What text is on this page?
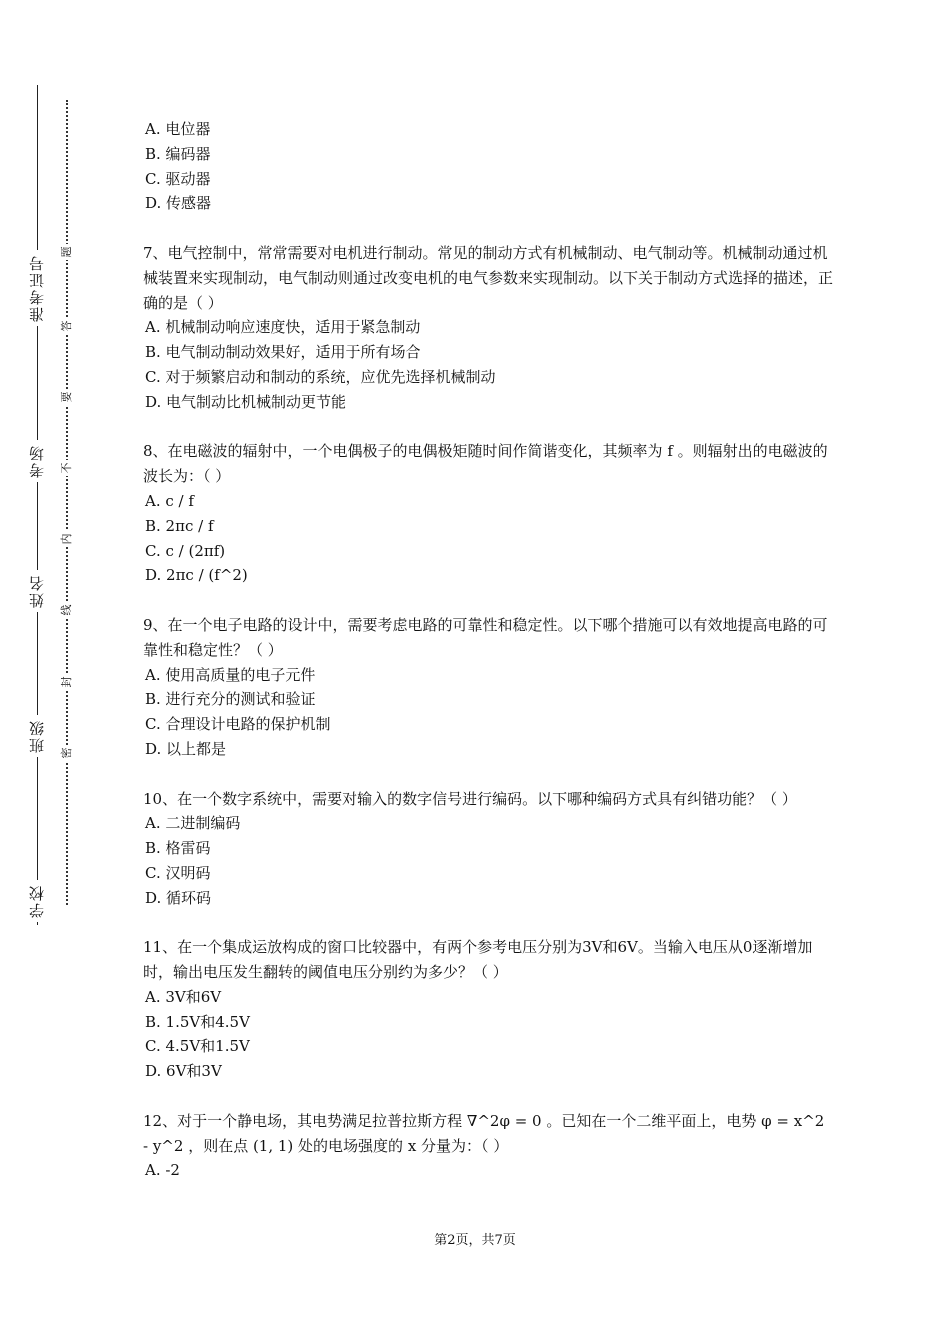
准考证号
考场
姓名
班级
学校
题
答
要
不
内
线
封
密

A. 电位器

B. 编码器

C. 驱动器

D. 传感器

7、电气控制中，常常需要对电机进行制动。常见的制动方式有机械制动、电气制动等。机械制动通过机械装置来实现制动，电气制动则通过改变电机的电气参数来实现制动。以下关于制动方式选择的描述，正确的是（ ）

A. 机械制动响应速度快，适用于紧急制动

B. 电气制动制动效果好，适用于所有场合

C. 对于频繁启动和制动的系统，应优先选择机械制动

D. 电气制动比机械制动更节能

8、在电磁波的辐射中，一个电偶极子的电偶极矩随时间作简谐变化，其频率为 f 。则辐射出的电磁波的波长为：（ ）

A. c / f

B. 2πc / f

C. c / (2πf)

D. 2πc / (f^2)

9、在一个电子电路的设计中，需要考虑电路的可靠性和稳定性。以下哪个措施可以有效地提高电路的可靠性和稳定性？（ ）

A. 使用高质量的电子元件

B. 进行充分的测试和验证

C. 合理设计电路的保护机制

D. 以上都是

10、在一个数字系统中，需要对输入的数字信号进行编码。以下哪种编码方式具有纠错功能？（ ）

A. 二进制编码

B. 格雷码

C. 汉明码

D. 循环码

11、在一个集成运放构成的窗口比较器中，有两个参考电压分别为3V和6V。当输入电压从0逐渐增加时，输出电压发生翻转的阈值电压分别约为多少？（ ）

A. 3V和6V

B. 1.5V和4.5V

C. 4.5V和1.5V

D. 6V和3V

12、对于一个静电场，其电势满足拉普拉斯方程 ∇^2φ = 0 。已知在一个二维平面上，电势 φ = x^2 - y^2 ，则在点 (1, 1) 处的电场强度的 x 分量为：（ ）

A. -2

第2页，共7页
